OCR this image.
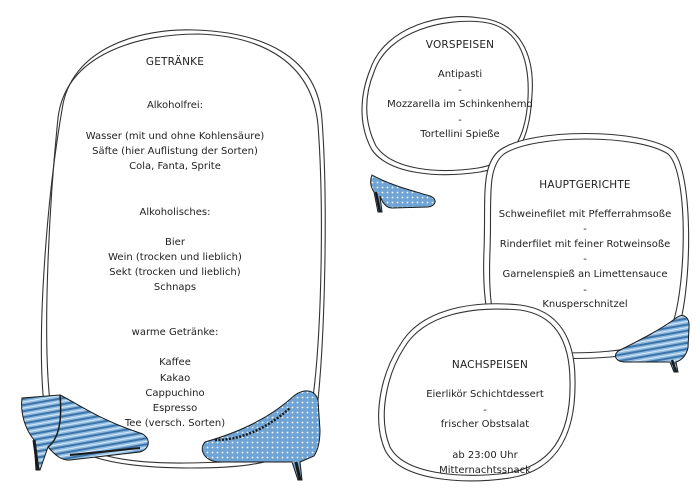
GETRÄNKE
Alkoholfrei:
Wasser (mit und ohne Kohlensäure)
Säfte (hier Auflistung der Sorten)
Cola, Fanta, Sprite
Alkoholisches:
Bier
Wein (trocken und lieblich)
Sekt (trocken und lieblich)
Schnaps
warme Getränke:
Kaffee
Kakao
Cappuchino
Espresso
Tee (versch. Sorten)
VORSPEISEN
Antipasti
-
Mozzarella im Schinkenhemd
-
Tortellini Spieße
HAUPTGERICHTE
Schweinefilet mit Pfefferrahmsoße
-
Rinderfilet mit feiner Rotweinsoße
-
Garnelenspieß an Limettensauce
-
Knusperschnitzel
NACHSPEISEN
Eierlikör Schichtdessert
-
frischer Obstsalat
ab 23:00 Uhr
Mitternachtssnack
